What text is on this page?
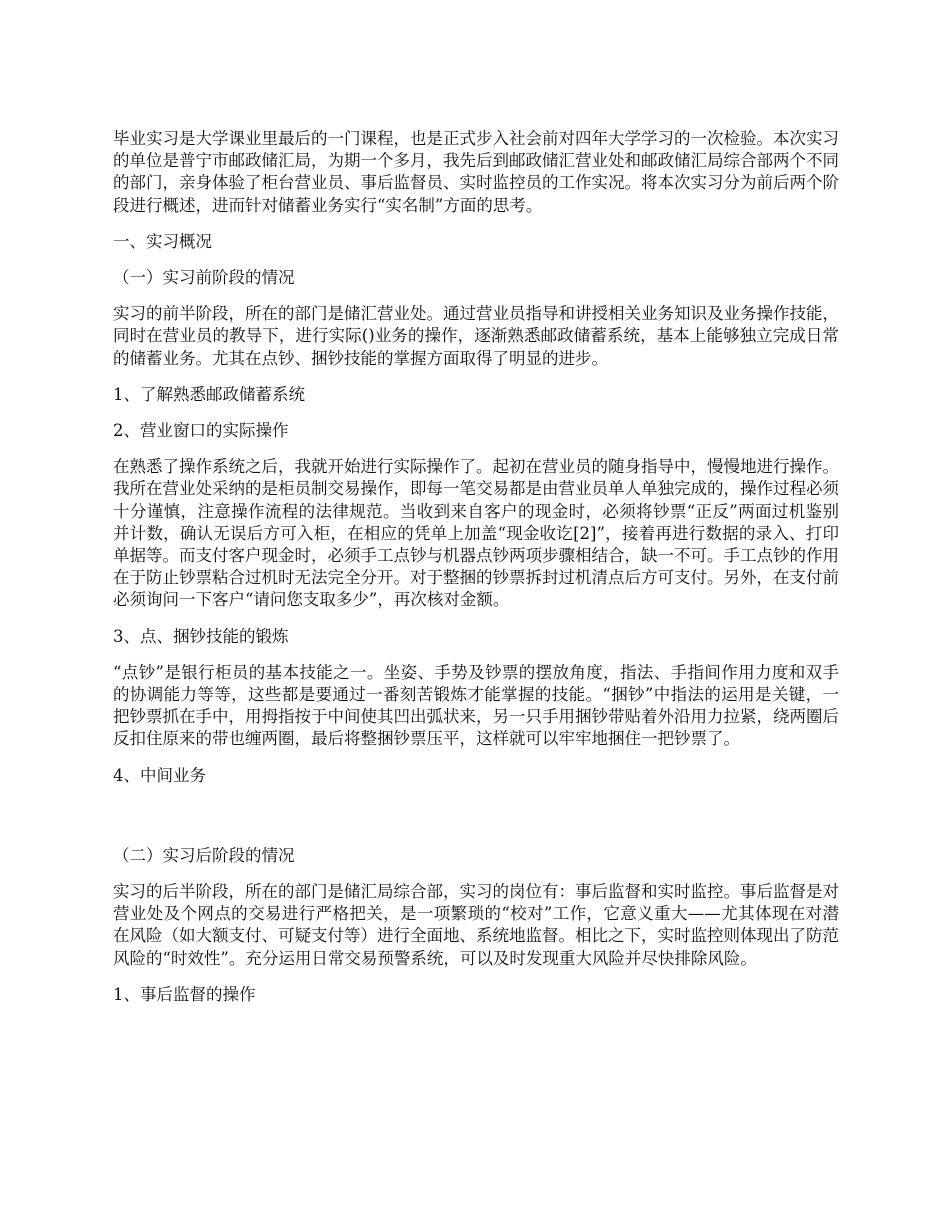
毕业实习是大学课业里最后的一门课程，也是正式步入社会前对四年大学学习的一次检验。本次实习的单位是普宁市邮政储汇局，为期一个多月，我先后到邮政储汇营业处和邮政储汇局综合部两个不同的部门，亲身体验了柜台营业员、事后监督员、实时监控员的工作实况。将本次实习分为前后两个阶段进行概述，进而针对储蓄业务实行“实名制”方面的思考。

一、实习概况

（一）实习前阶段的情况

实习的前半阶段，所在的部门是储汇营业处。通过营业员指导和讲授相关业务知识及业务操作技能，同时在营业员的教导下，进行实际()业务的操作，逐渐熟悉邮政储蓄系统，基本上能够独立完成日常的储蓄业务。尤其在点钞、捆钞技能的掌握方面取得了明显的进步。

1、了解熟悉邮政储蓄系统

2、营业窗口的实际操作

在熟悉了操作系统之后，我就开始进行实际操作了。起初在营业员的随身指导中，慢慢地进行操作。我所在营业处采纳的是柜员制交易操作，即每一笔交易都是由营业员单人单独完成的，操作过程必须十分谨慎，注意操作流程的法律规范。当收到来自客户的现金时，必须将钞票“正反”两面过机鉴别并计数，确认无误后方可入柜，在相应的凭单上加盖“现金收讫[2]”，接着再进行数据的录入、打印单据等。而支付客户现金时，必须手工点钞与机器点钞两项步骤相结合，缺一不可。手工点钞的作用在于防止钞票粘合过机时无法完全分开。对于整捆的钞票拆封过机清点后方可支付。另外，在支付前必须询问一下客户“请问您支取多少”，再次核对金额。

3、点、捆钞技能的锻炼

“点钞”是银行柜员的基本技能之一。坐姿、手势及钞票的摆放角度，指法、手指间作用力度和双手的协调能力等等，这些都是要通过一番刻苦锻炼才能掌握的技能。“捆钞”中指法的运用是关键，一把钞票抓在手中，用拇指按于中间使其凹出弧状来，另一只手用捆钞带贴着外沿用力拉紧，绕两圈后反扣住原来的带也缠两圈，最后将整捆钞票压平，这样就可以牢牢地捆住一把钞票了。

4、中间业务

（二）实习后阶段的情况

实习的后半阶段，所在的部门是储汇局综合部，实习的岗位有：事后监督和实时监控。事后监督是对营业处及个网点的交易进行严格把关，是一项繁琐的“校对”工作，它意义重大——尤其体现在对潜在风险（如大额支付、可疑支付等）进行全面地、系统地监督。相比之下，实时监控则体现出了防范风险的“时效性”。充分运用日常交易预警系统，可以及时发现重大风险并尽快排除风险。

1、事后监督的操作
